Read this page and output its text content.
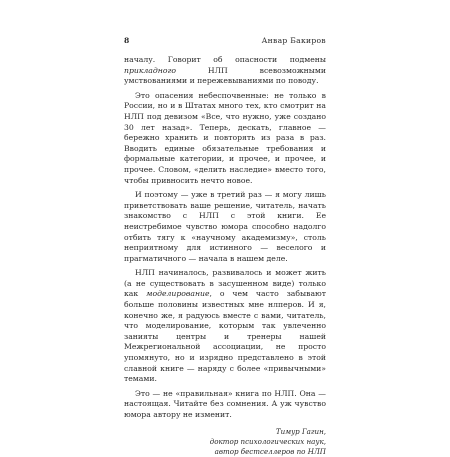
8	Анвар Бакиров

началу. Говорит об опасности подмены прикладного НЛП всевозможными умствованиями и пережевываниями по поводу.

Это опасения небеспочвенные: не только в России, но и в Штатах много тех, кто смотрит на НЛП под девизом «Все, что нужно, уже создано 30 лет назад». Теперь, дескать, главное — бережно хранить и повторять из раза в раз. Вводить единые обязательные требования и формальные категории, и прочее, и прочее, и прочее. Словом, «делить наследие» вместо того, чтобы привносить нечто новое.

И поэтому — уже в третий раз — я могу лишь приветствовать ваше решение, читатель, начать знакомство с НЛП с этой книги. Ее неистребимое чувство юмора способно надолго отбить тягу к «научному академизму», столь неприятному для истинного — веселого и прагматичного — начала в нашем деле.

НЛП начиналось, развивалось и может жить (а не существовать в засушенном виде) только как моделирование, о чем часто забывают больше половины известных мне нлперов. И я, конечно же, я радуюсь вместе с вами, читатель, что моделирование, которым так увлеченно занияты центры и тренеры нашей Межрегиональной ассоциации, не просто упомянуто, но и изрядно представлено в этой славной книге — наряду с более «привычными» темами.

Это — не «правильная» книга по НЛП. Она — настоящая. Читайте без сомнения. А уж чувство юмора автору не изменит.

Тимур Гагин,
доктор психологических наук,
автор бестселлеров по НЛП
